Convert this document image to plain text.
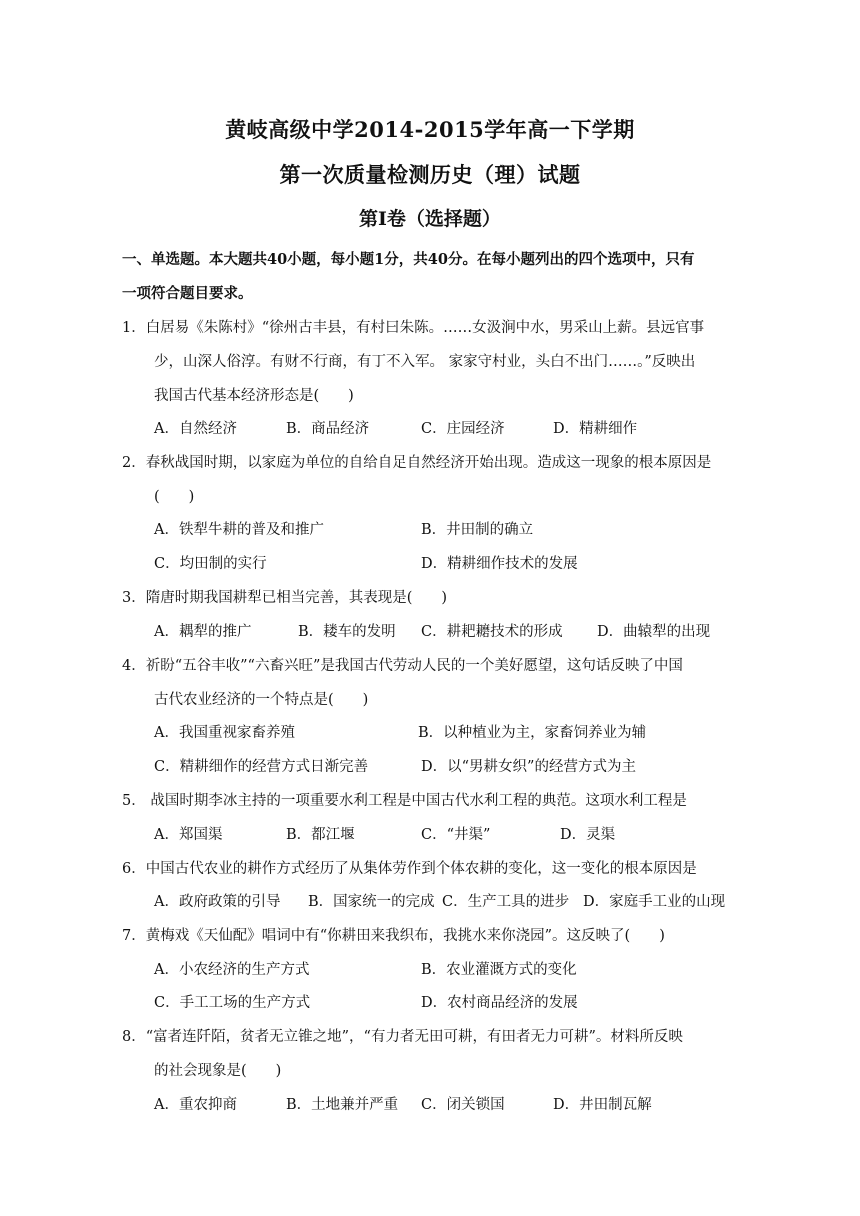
黄岐高级中学2014-2015学年高一下学期
第一次质量检测历史（理）试题
第I卷（选择题）
一、单选题。本大题共40小题，每小题1分，共40分。在每小题列出的四个选项中，只有
一项符合题目要求。
1．白居易《朱陈村》“徐州古丰县，有村曰朱陈。……女汲涧中水，男采山上薪。县远官事
少，山深人俗淳。有财不行商，有丁不入军。 家家守村业，头白不出门……。”反映出
我国古代基本经济形态是(　　)
A．自然经济	B．商品经济	C．庄园经济	D．精耕细作
2．春秋战国时期，以家庭为单位的自给自足自然经济开始出现。造成这一现象的根本原因是
(　　)
A．铁犁牛耕的普及和推广	B．井田制的确立
C．均田制的实行	D．精耕细作技术的发展
3．隋唐时期我国耕犁已相当完善，其表现是(　　)
A．耦犁的推广	B．耧车的发明 C．耕耙耱技术的形成 D．曲辕犁的出现
4．祈盼“五谷丰收”“六畜兴旺”是我国古代劳动人民的一个美好愿望，这句话反映了中国
古代农业经济的一个特点是(　　)
A．我国重视家畜养殖	B．以种植业为主，家畜饲养业为辅
C．精耕细作的经营方式日渐完善	D．以“男耕女织”的经营方式为主
5． 战国时期李冰主持的一项重要水利工程是中国古代水利工程的典范。这项水利工程是
A．郑国渠	B．都江堰	C．“井渠”	D．灵渠
6．中国古代农业的耕作方式经历了从集体劳作到个体农耕的变化，这一变化的根本原因是
A．政府政策的引导 B．国家统一的完成 C．生产工具的进步 D．家庭手工业的山现
7．黄梅戏《天仙配》唱词中有“你耕田来我织布，我挑水来你浇园”。这反映了(　　)
A．小农经济的生产方式	B．农业灌溉方式的变化
C．手工工场的生产方式	D．农村商品经济的发展
8．“富者连阡陌，贫者无立锥之地”，“有力者无田可耕，有田者无力可耕”。材料所反映
的社会现象是(　　)
A．重农抑商	B．土地兼并严重 C．闭关锁国	D．井田制瓦解
